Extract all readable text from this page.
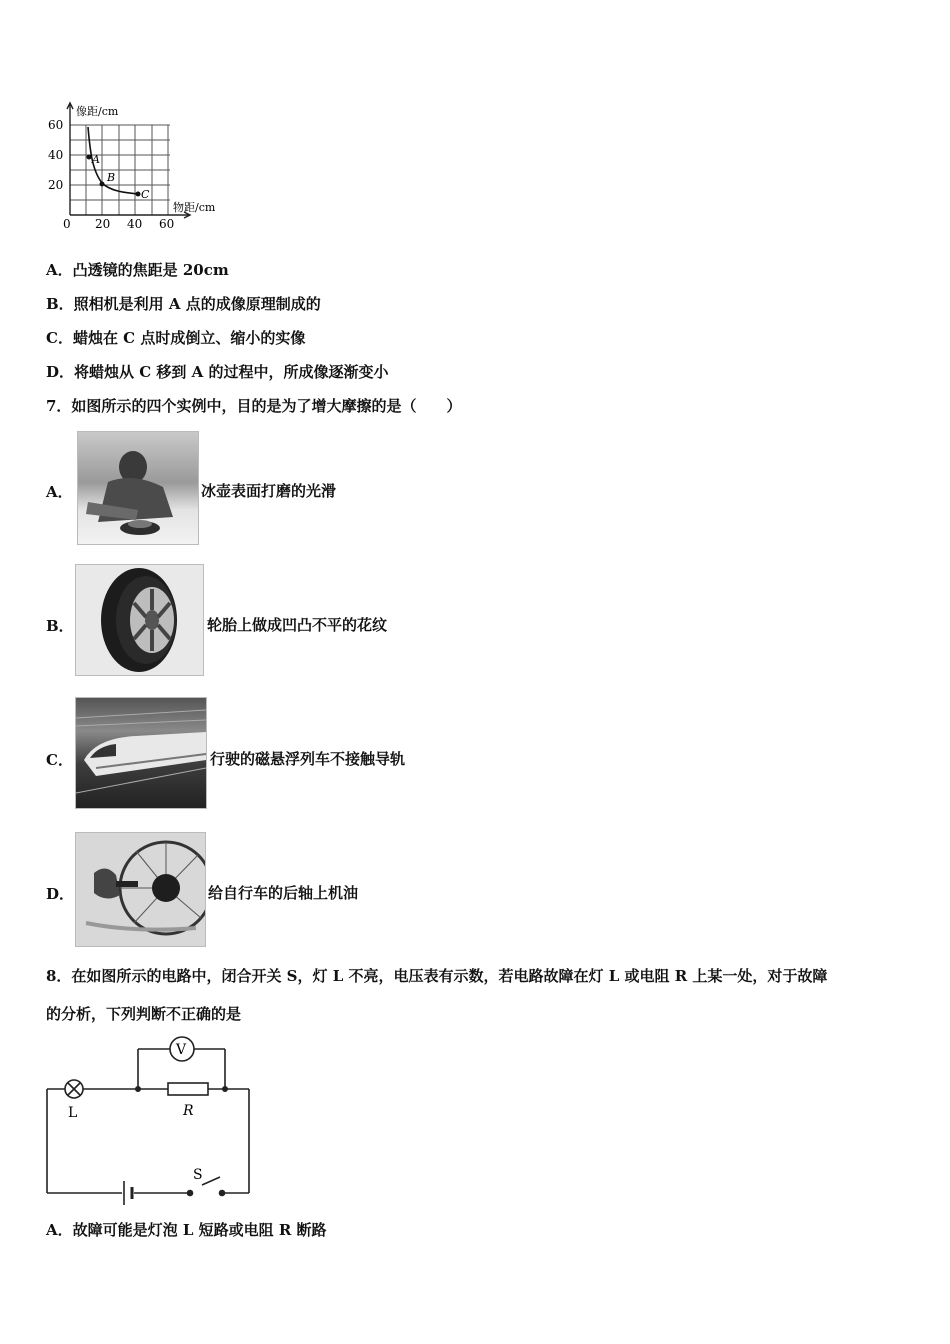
A
B
C
像距/cm
物距/cm
60
40
20
0 20 40 60
A．凸透镜的焦距是 20cm
B．照相机是利用 A 点的成像原理制成的
C．蜡烛在 C 点时成倒立、缩小的实像
D．将蜡烛从 C 移到 A 的过程中，所成像逐渐变小
7．如图所示的四个实例中，目的是为了增大摩擦的是（　　）
A．	冰壶表面打磨的光滑
B．	轮胎上做成凹凸不平的花纹
C．	行驶的磁悬浮列车不接触导轨
D．	给自行车的后轴上机油
8．在如图所示的电路中，闭合开关 S，灯 L 不亮，电压表有示数，若电路故障在灯 L 或电阻 R 上某一处，对于故障
的分析，下列判断不正确的是
V
L	R
S
A．故障可能是灯泡 L 短路或电阻 R 断路
